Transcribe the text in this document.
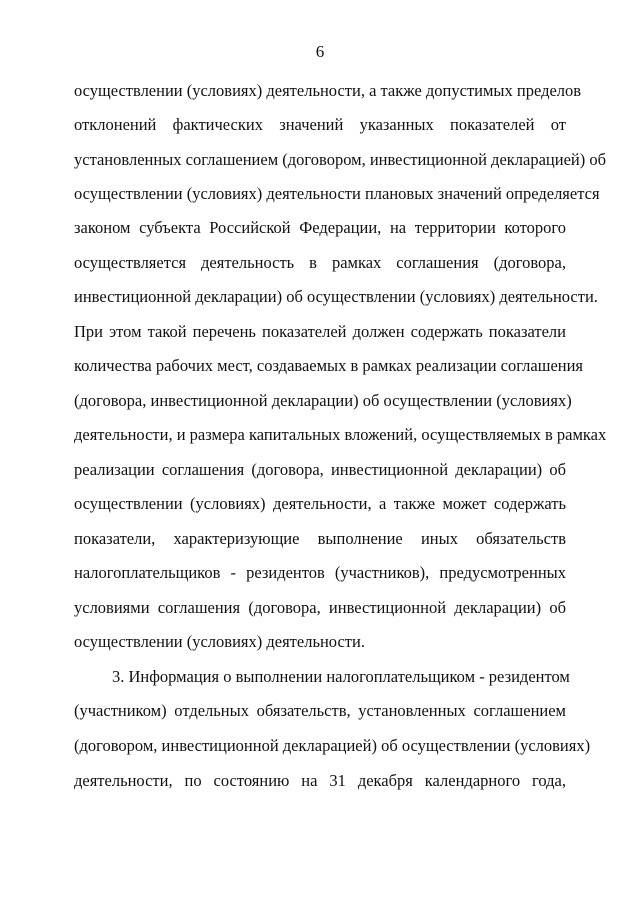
6
осуществлении (условиях) деятельности, а также допустимых пределов
отклонений фактических значений указанных показателей от
установленных соглашением (договором, инвестиционной декларацией) об
осуществлении (условиях) деятельности плановых значений определяется
законом субъекта Российской Федерации, на территории которого
осуществляется деятельность в рамках соглашения (договора,
инвестиционной декларации) об осуществлении (условиях) деятельности.
При этом такой перечень показателей должен содержать показатели
количества рабочих мест, создаваемых в рамках реализации соглашения
(договора, инвестиционной декларации) об осуществлении (условиях)
деятельности, и размера капитальных вложений, осуществляемых в рамках
реализации соглашения (договора, инвестиционной декларации) об
осуществлении (условиях) деятельности, а также может содержать
показатели, характеризующие выполнение иных обязательств
налогоплательщиков - резидентов (участников), предусмотренных
условиями соглашения (договора, инвестиционной декларации) об
осуществлении (условиях) деятельности.
3. Информация о выполнении налогоплательщиком - резидентом
(участником) отдельных обязательств, установленных соглашением
(договором, инвестиционной декларацией) об осуществлении (условиях)
деятельности, по состоянию на 31 декабря календарного года,
